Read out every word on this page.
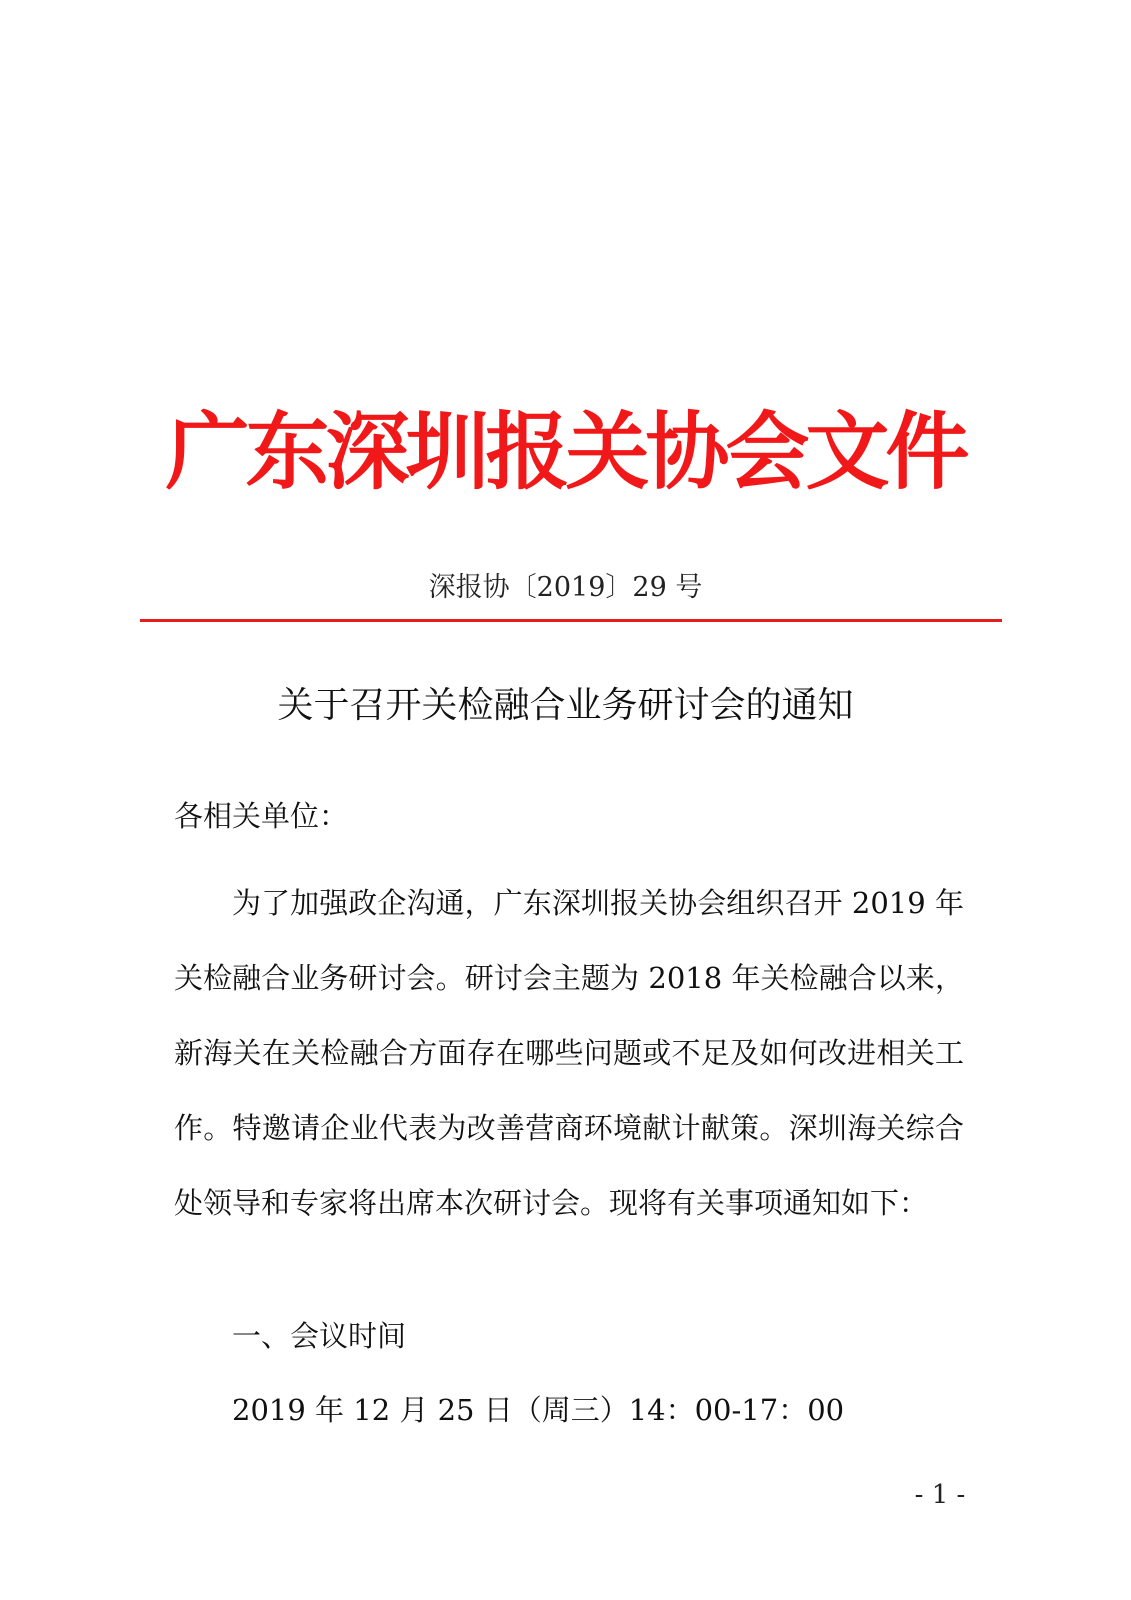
广东深圳报关协会文件
深报协〔2019〕29 号
关于召开关检融合业务研讨会的通知
各相关单位：

为了加强政企沟通，广东深圳报关协会组织召开 2019 年关检融合业务研讨会。研讨会主题为 2018 年关检融合以来，新海关在关检融合方面存在哪些问题或不足及如何改进相关工作。特邀请企业代表为改善营商环境献计献策。深圳海关综合处领导和专家将出席本次研讨会。现将有关事项通知如下：

一、会议时间
2019 年 12 月 25 日（周三）14：00-17：00
- 1 -
